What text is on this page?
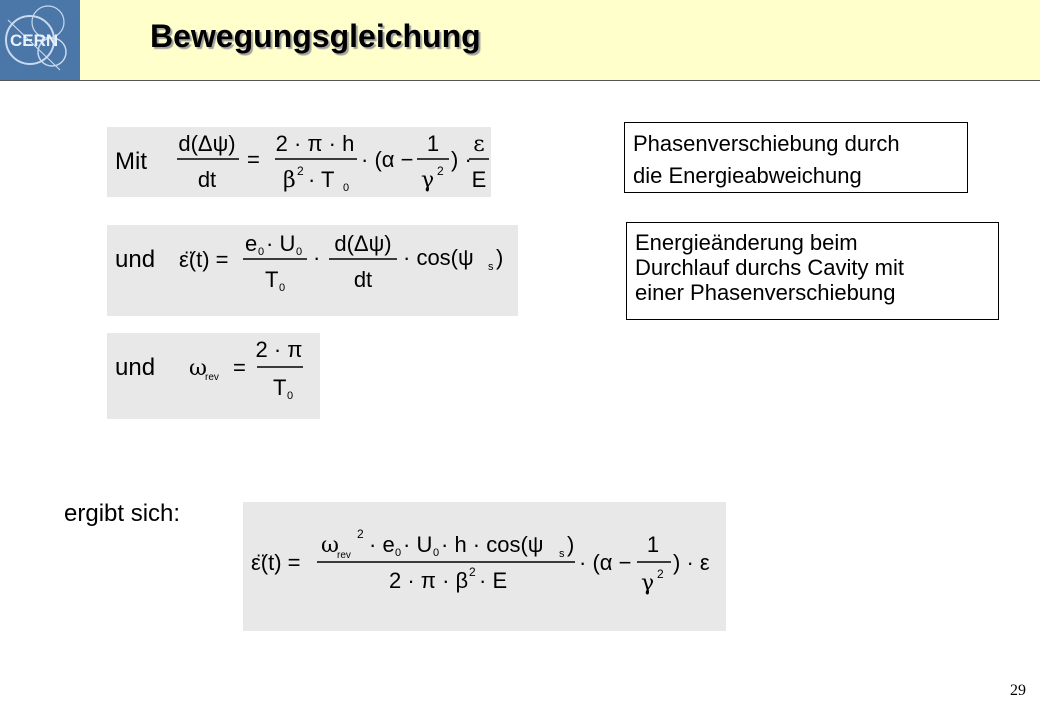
CERN	Bewegungsgleichung
Mit
d(Δψ)
dt
=
2 · π · h
β 2 · T 0
· (α −
1
γ 2 ) ·
ε
E
und ε̈(t) =
e 0 · U 0
T 0
·
d(Δψ)
dt
· cos(ψ s )
und ω
rev =
2 · π
T 0
Phasenverschiebung durch
die Energieabweichung
Energieänderung beim
Durchlauf durchs Cavity mit
einer Phasenverschiebung
ergibt sich:
ε̈(t) =
ω
rev
2 · e 0 · U 0 · h · cos(ψ s )
2 · π · β 2 · E
· (α −
1
γ 2 ) · ε
29
